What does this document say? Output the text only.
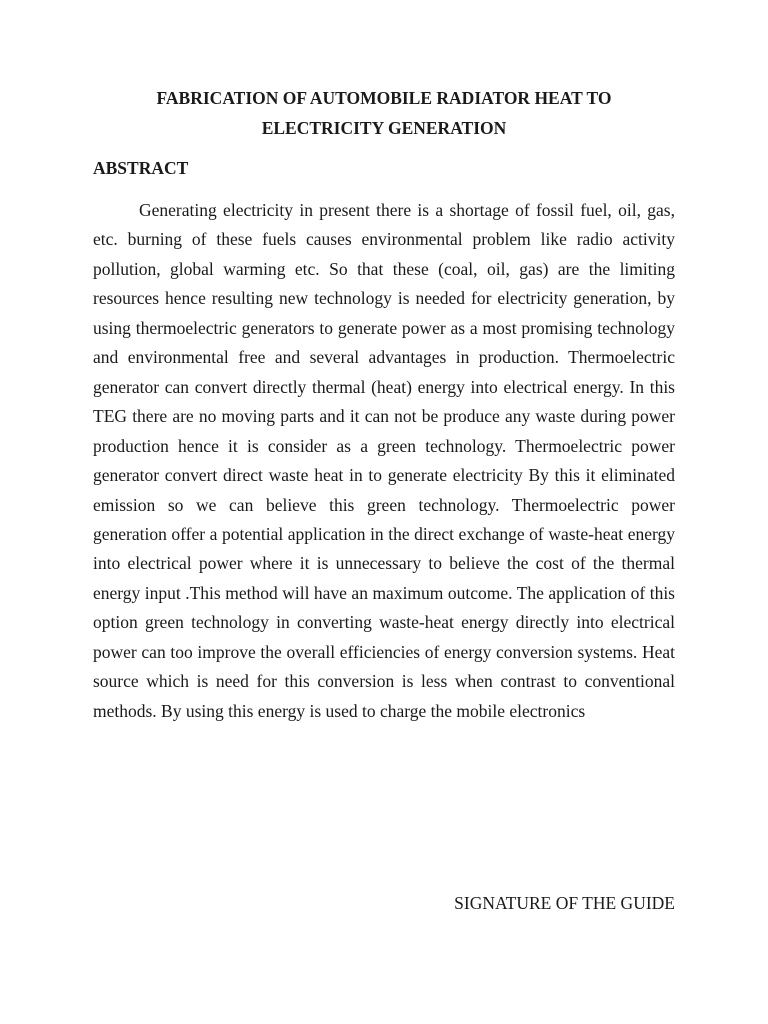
FABRICATION OF AUTOMOBILE RADIATOR HEAT TO
ELECTRICITY GENERATION
ABSTRACT

Generating electricity in present there is a shortage of fossil fuel, oil, gas, etc. burning of these fuels causes environmental problem like radio activity pollution, global warming etc. So that these (coal, oil, gas) are the limiting resources hence resulting new technology is needed for electricity generation, by using thermoelectric generators to generate power as a most promising technology and environmental free and several advantages in production. Thermoelectric generator can convert directly thermal (heat) energy into electrical energy. In this TEG there are no moving parts and it can not be produce any waste during power production hence it is consider as a green technology. Thermoelectric power generator convert direct waste heat in to generate electricity By this it eliminated emission so we can believe this green technology. Thermoelectric power generation offer a potential application in the direct exchange of waste-heat energy into electrical power where it is unnecessary to believe the cost of the thermal energy input .This method will have an maximum outcome. The application of this option green technology in converting waste-heat energy directly into electrical power can too improve the overall efficiencies of energy conversion systems. Heat source which is need for this conversion is less when contrast to conventional methods. By using this energy is used to charge the mobile electronics

SIGNATURE OF THE GUIDE
